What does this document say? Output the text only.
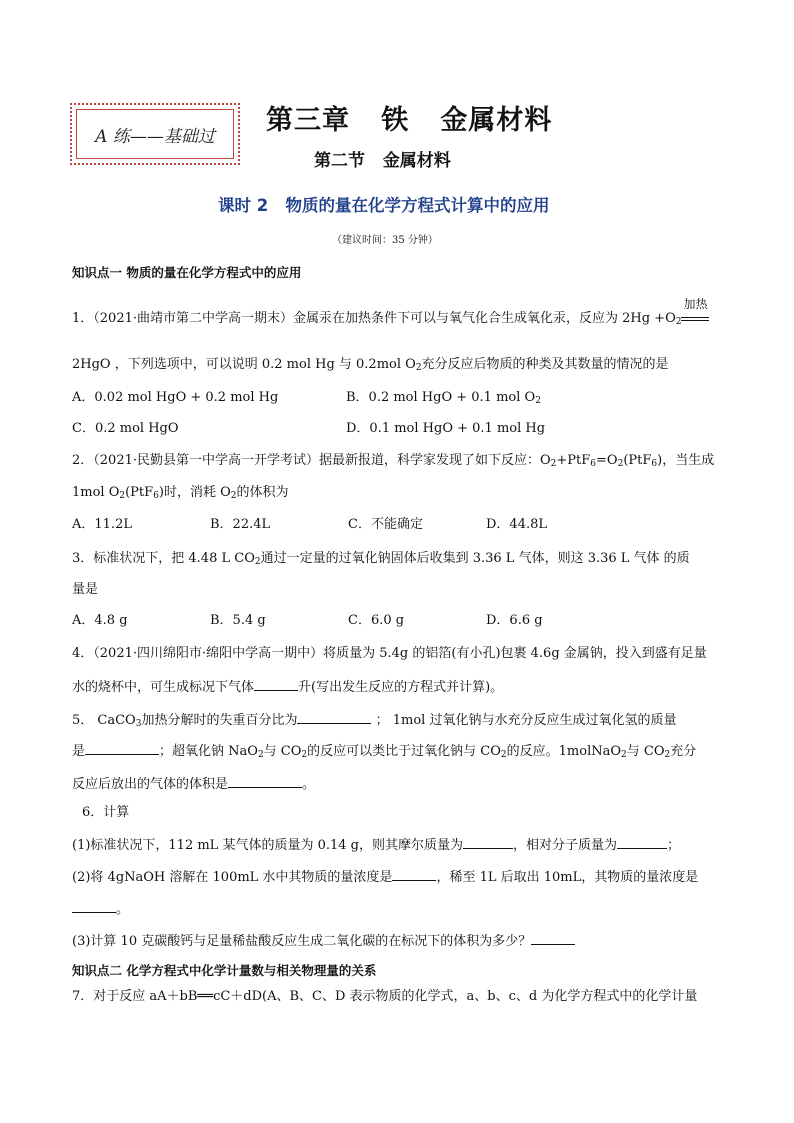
A 练——基础过
第三章   铁   金属材料
第二节   金属材料
课时 2   物质的量在化学方程式计算中的应用
（建议时间：35 分钟）
知识点一 物质的量在化学方程式中的应用
1．（2021·曲靖市第二中学高一期末）金属汞在加热条件下可以与氧气化合生成氧化汞，反应为 $2Hg +O_2$
加热
2HgO ，下列选项中，可以说明 0.2 mol Hg 与 0.2mol $O_2$充分反应后物质的种类及其数量的情况的是
A．0.02 mol HgO + 0.2 mol Hg	B．0.2 mol HgO + 0.1 mol $O_2$
C．0.2 mol HgO	D．0.1 mol HgO + 0.1 mol Hg
2．（2021·民勤县第一中学高一开学考试）据最新报道，科学家发现了如下反应：$O_2+PtF_6=O_2(PtF_6)$，当生成
1mol $O_2(PtF_6)$时，消耗 $O_2$的体积为
A．11.2L	B．22.4L	C．不能确定	D．44.8L
3．标准状况下，把 4.48 L $CO_2$通过一定量的过氧化钠固体后收集到 3.36 L 气体，则这 3.36 L 气体 的质
量是
A．4.8 g	B．5.4 g	C．6.0 g	D．6.6 g
4．（2021·四川绵阳市·绵阳中学高一期中）将质量为 5.4g 的铝箔(有小孔)包裹 4.6g 金属钠，投入到盛有足量
水的烧杯中，可生成标况下气体	升(写出发生反应的方程式并计算)。
5． CaCO$_3$加热分解时的失重百分比为	； 1mol 过氧化钠与水充分反应生成过氧化氢的质量
是	；超氧化钠 NaO$_2$与 $CO_2$的反应可以类比于过氧化钠与 $CO_2$的反应。1molNaO$_2$与 $CO_2$充分
反应后放出的气体的体积是	。
6．计算
(1)标准状况下，112 mL 某气体的质量为 0.14 g，则其摩尔质量为	，相对分子质量为	；
(2)将 4gNaOH 溶解在 100mL 水中其物质的量浓度是	，稀至 1L 后取出 10mL，其物质的量浓度是
。
(3)计算 10 克碳酸钙与足量稀盐酸反应生成二氧化碳的在标况下的体积为多少？
知识点二 化学方程式中化学计量数与相关物理量的关系
7．对于反应 aA＋bB══cC＋dD(A、B、C、D 表示物质的化学式，a、b、c、d 为化学方程式中的化学计量
